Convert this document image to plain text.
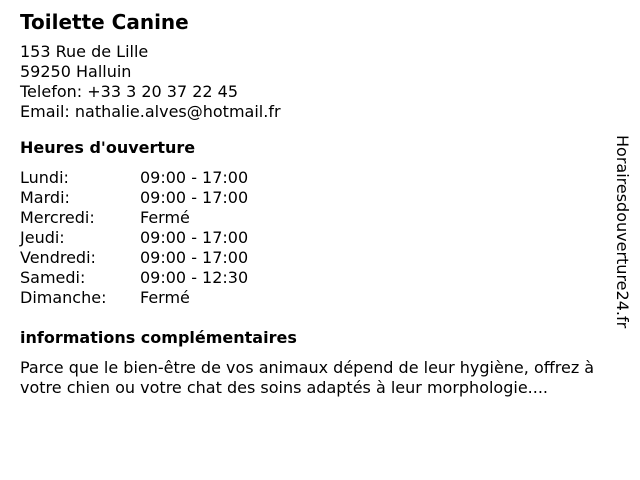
Toilette Canine
153 Rue de Lille
59250 Halluin
Telefon: +33 3 20 37 22 45
Email: nathalie.alves@hotmail.fr
Heures d'ouverture
Lundi:	09:00 - 17:00
Mardi:	09:00 - 17:00
Mercredi:	Fermé
Jeudi:	09:00 - 17:00
Vendredi:	09:00 - 17:00
Samedi:	09:00 - 12:30
Dimanche:	Fermé
informations complémentaires
Parce que le bien-être de vos animaux dépend de leur hygiène, offrez à votre chien ou votre chat des soins adaptés à leur morphologie....
Horairesdouverture24.fr
